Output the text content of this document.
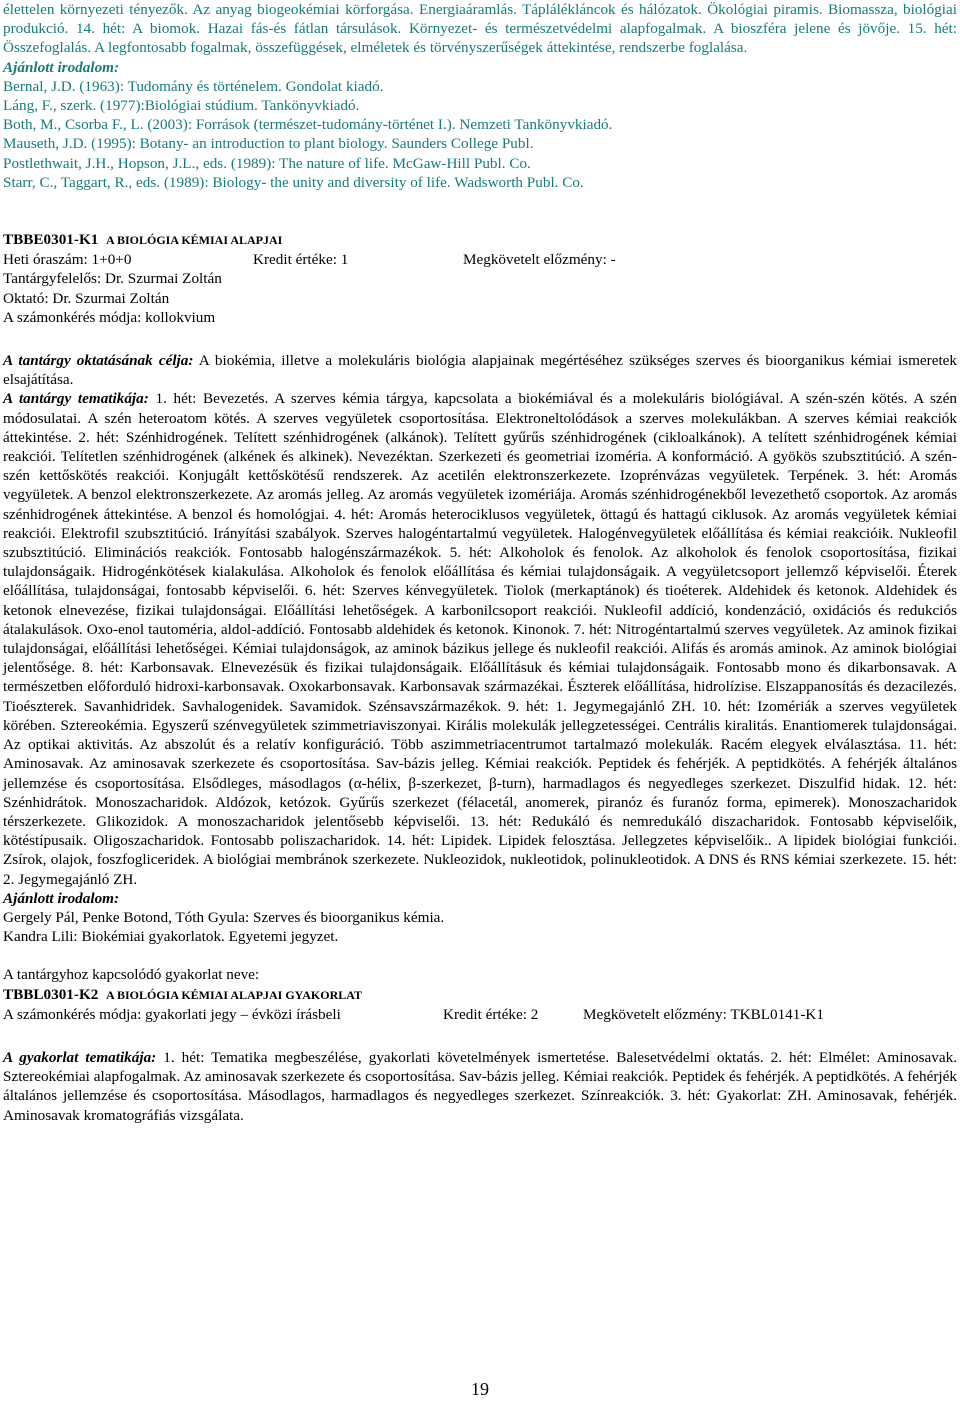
élettelen környezeti tényezők. Az anyag biogeokémiai körforgása. Energiaáramlás. Táplálékláncok és hálózatok. Ökológiai piramis. Biomassza, biológiai produkció. 14. hét: A biomok. Hazai fás-és fátlan társulások. Környezet- és természetvédelmi alapfogalmak. A bioszféra jelene és jövője. 15. hét: Összefoglalás. A legfontosabb fogalmak, összefüggések, elméletek és törvényszerűségek áttekintése, rendszerbe foglalása.

Ajánlott irodalom:

Bernal, J.D. (1963): Tudomány és történelem. Gondolat kiadó.

Láng, F., szerk. (1977):Biológiai stúdium. Tankönyvkiadó.

Both, M., Csorba F., L. (2003): Források (természet-tudomány-történet I.). Nemzeti Tankönyvkiadó.

Mauseth, J.D. (1995): Botany- an introduction to plant biology. Saunders College Publ.

Postlethwait, J.H., Hopson, J.L., eds. (1989): The nature of life. McGaw-Hill Publ. Co.

Starr, C., Taggart, R., eds. (1989): Biology- the unity and diversity of life. Wadsworth Publ. Co.

TBBE0301-K1 A BIOLÓGIA KÉMIAI ALAPJAI

Heti óraszám: 1+0+0	Kredit értéke: 1	Megkövetelt előzmény: -

Tantárgyfelelős: Dr. Szurmai Zoltán

Oktató: Dr. Szurmai Zoltán

A számonkérés módja: kollokvium

A tantárgy oktatásának célja: A biokémia, illetve a molekuláris biológia alapjainak megértéséhez szükséges szerves és bioorganikus kémiai ismeretek elsajátítása.

A tantárgy tematikája: 1. hét: Bevezetés. A szerves kémia tárgya, kapcsolata a biokémiával és a molekuláris biológiával. A szén-szén kötés. A szén módosulatai. A szén heteroatom kötés. A szerves vegyületek csoportosítása. Elektroneltolódások a szerves molekulákban. A szerves kémiai reakciók áttekintése. 2. hét: Szénhidrogének. Telített szénhidrogének (alkánok). Telített gyűrűs szénhidrogének (cikloalkánok). A telített szénhidrogének kémiai reakciói. Telítetlen szénhidrogének (alkének és alkinek). Nevezéktan. Szerkezeti és geometriai izoméria. A konformáció. A gyökös szubsztitúció. A szén-szén kettőskötés reakciói. Konjugált kettőskötésű rendszerek. Az acetilén elektronszerkezete. Izoprénvázas vegyületek. Terpének. 3. hét: Aromás vegyületek. A benzol elektronszerkezete. Az aromás jelleg. Az aromás vegyületek izomériája. Aromás szénhidrogénekből levezethető csoportok. Az aromás szénhidrogének áttekintése. A benzol és homológjai. 4. hét: Aromás heterociklusos vegyületek, öttagú és hattagú ciklusok. Az aromás vegyületek kémiai reakciói. Elektrofil szubsztitúció. Irányítási szabályok. Szerves halogéntartalmú vegyületek. Halogénvegyületek előállítása és kémiai reakcióik. Nukleofil szubsztitúció. Eliminációs reakciók. Fontosabb halogénszármazékok. 5. hét: Alkoholok és fenolok. Az alkoholok és fenolok csoportosítása, fizikai tulajdonságaik. Hidrogénkötések kialakulása. Alkoholok és fenolok előállítása és kémiai tulajdonságaik. A vegyületcsoport jellemző képviselői. Éterek előállítása, tulajdonságai, fontosabb képviselői. 6. hét: Szerves kénvegyületek. Tiolok (merkaptánok) és tioéterek. Aldehidek és ketonok. Aldehidek és ketonok elnevezése, fizikai tulajdonságai. Előállítási lehetőségek. A karbonilcsoport reakciói. Nukleofil addíció, kondenzáció, oxidációs és redukciós átalakulások. Oxo-enol tautoméria, aldol-addíció. Fontosabb aldehidek és ketonok. Kinonok. 7. hét: Nitrogéntartalmú szerves vegyületek. Az aminok fizikai tulajdonságai, előállítási lehetőségei. Kémiai tulajdonságok, az aminok bázikus jellege és nukleofil reakciói. Alifás és aromás aminok. Az aminok biológiai jelentősége. 8. hét: Karbonsavak. Elnevezésük és fizikai tulajdonságaik. Előállításuk és kémiai tulajdonságaik. Fontosabb mono és dikarbonsavak. A természetben előforduló hidroxi-karbonsavak. Oxokarbonsavak. Karbonsavak származékai. Észterek előállítása, hidrolízise. Elszappanosítás és dezacilezés. Tioészterek. Savanhidridek. Savhalogenidek. Savamidok. Szénsavszármazékok. 9. hét: 1. Jegymegajánló ZH. 10. hét: Izomériák a szerves vegyületek körében. Sztereokémia. Egyszerű szénvegyületek szimmetriaviszonyai. Királis molekulák jellegzetességei. Centrális kiralitás. Enantiomerek tulajdonságai. Az optikai aktivitás. Az abszolút és a relatív konfiguráció. Több aszimmetriacentrumot tartalmazó molekulák. Racém elegyek elválasztása. 11. hét: Aminosavak. Az aminosavak szerkezete és csoportosítása. Sav-bázis jelleg. Kémiai reakciók. Peptidek és fehérjék. A peptidkötés. A fehérjék általános jellemzése és csoportosítása. Elsődleges, másodlagos (α-hélix, β-szerkezet, β-turn), harmadlagos és negyedleges szerkezet. Diszulfid hidak. 12. hét: Szénhidrátok. Monoszacharidok. Aldózok, ketózok. Gyűrűs szerkezet (félacetál, anomerek, piranóz és furanóz forma, epimerek). Monoszacharidok térszerkezete. Glikozidok. A monoszacharidok jelentősebb képviselői. 13. hét: Redukáló és nemredukáló diszacharidok. Fontosabb képviselőik, kötéstípusaik. Oligoszacharidok. Fontosabb poliszacharidok. 14. hét: Lipidek. Lipidek felosztása. Jellegzetes képviselőik.. A lipidek biológiai funkciói. Zsírok, olajok, foszfogliceridek. A biológiai membránok szerkezete. Nukleozidok, nukleotidok, polinukleotidok. A DNS és RNS kémiai szerkezete. 15. hét: 2. Jegymegajánló ZH.

Ajánlott irodalom:

Gergely Pál, Penke Botond, Tóth Gyula: Szerves és bioorganikus kémia.

Kandra Lili: Biokémiai gyakorlatok. Egyetemi jegyzet.

A tantárgyhoz kapcsolódó gyakorlat neve:

TBBL0301-K2 A BIOLÓGIA KÉMIAI ALAPJAI GYAKORLAT

A számonkérés módja: gyakorlati jegy – évközi írásbeli	Kredit értéke: 2	Megkövetelt előzmény: TKBL0141-K1

A gyakorlat tematikája: 1. hét: Tematika megbeszélése, gyakorlati követelmények ismertetése. Balesetvédelmi oktatás. 2. hét: Elmélet: Aminosavak. Sztereokémiai alapfogalmak. Az aminosavak szerkezete és csoportosítása. Sav-bázis jelleg. Kémiai reakciók. Peptidek és fehérjék. A peptidkötés. A fehérjék általános jellemzése és csoportosítása. Másodlagos, harmadlagos és negyedleges szerkezet. Színreakciók. 3. hét: Gyakorlat: ZH. Aminosavak, fehérjék. Aminosavak kromatográfiás vizsgálata.

19
